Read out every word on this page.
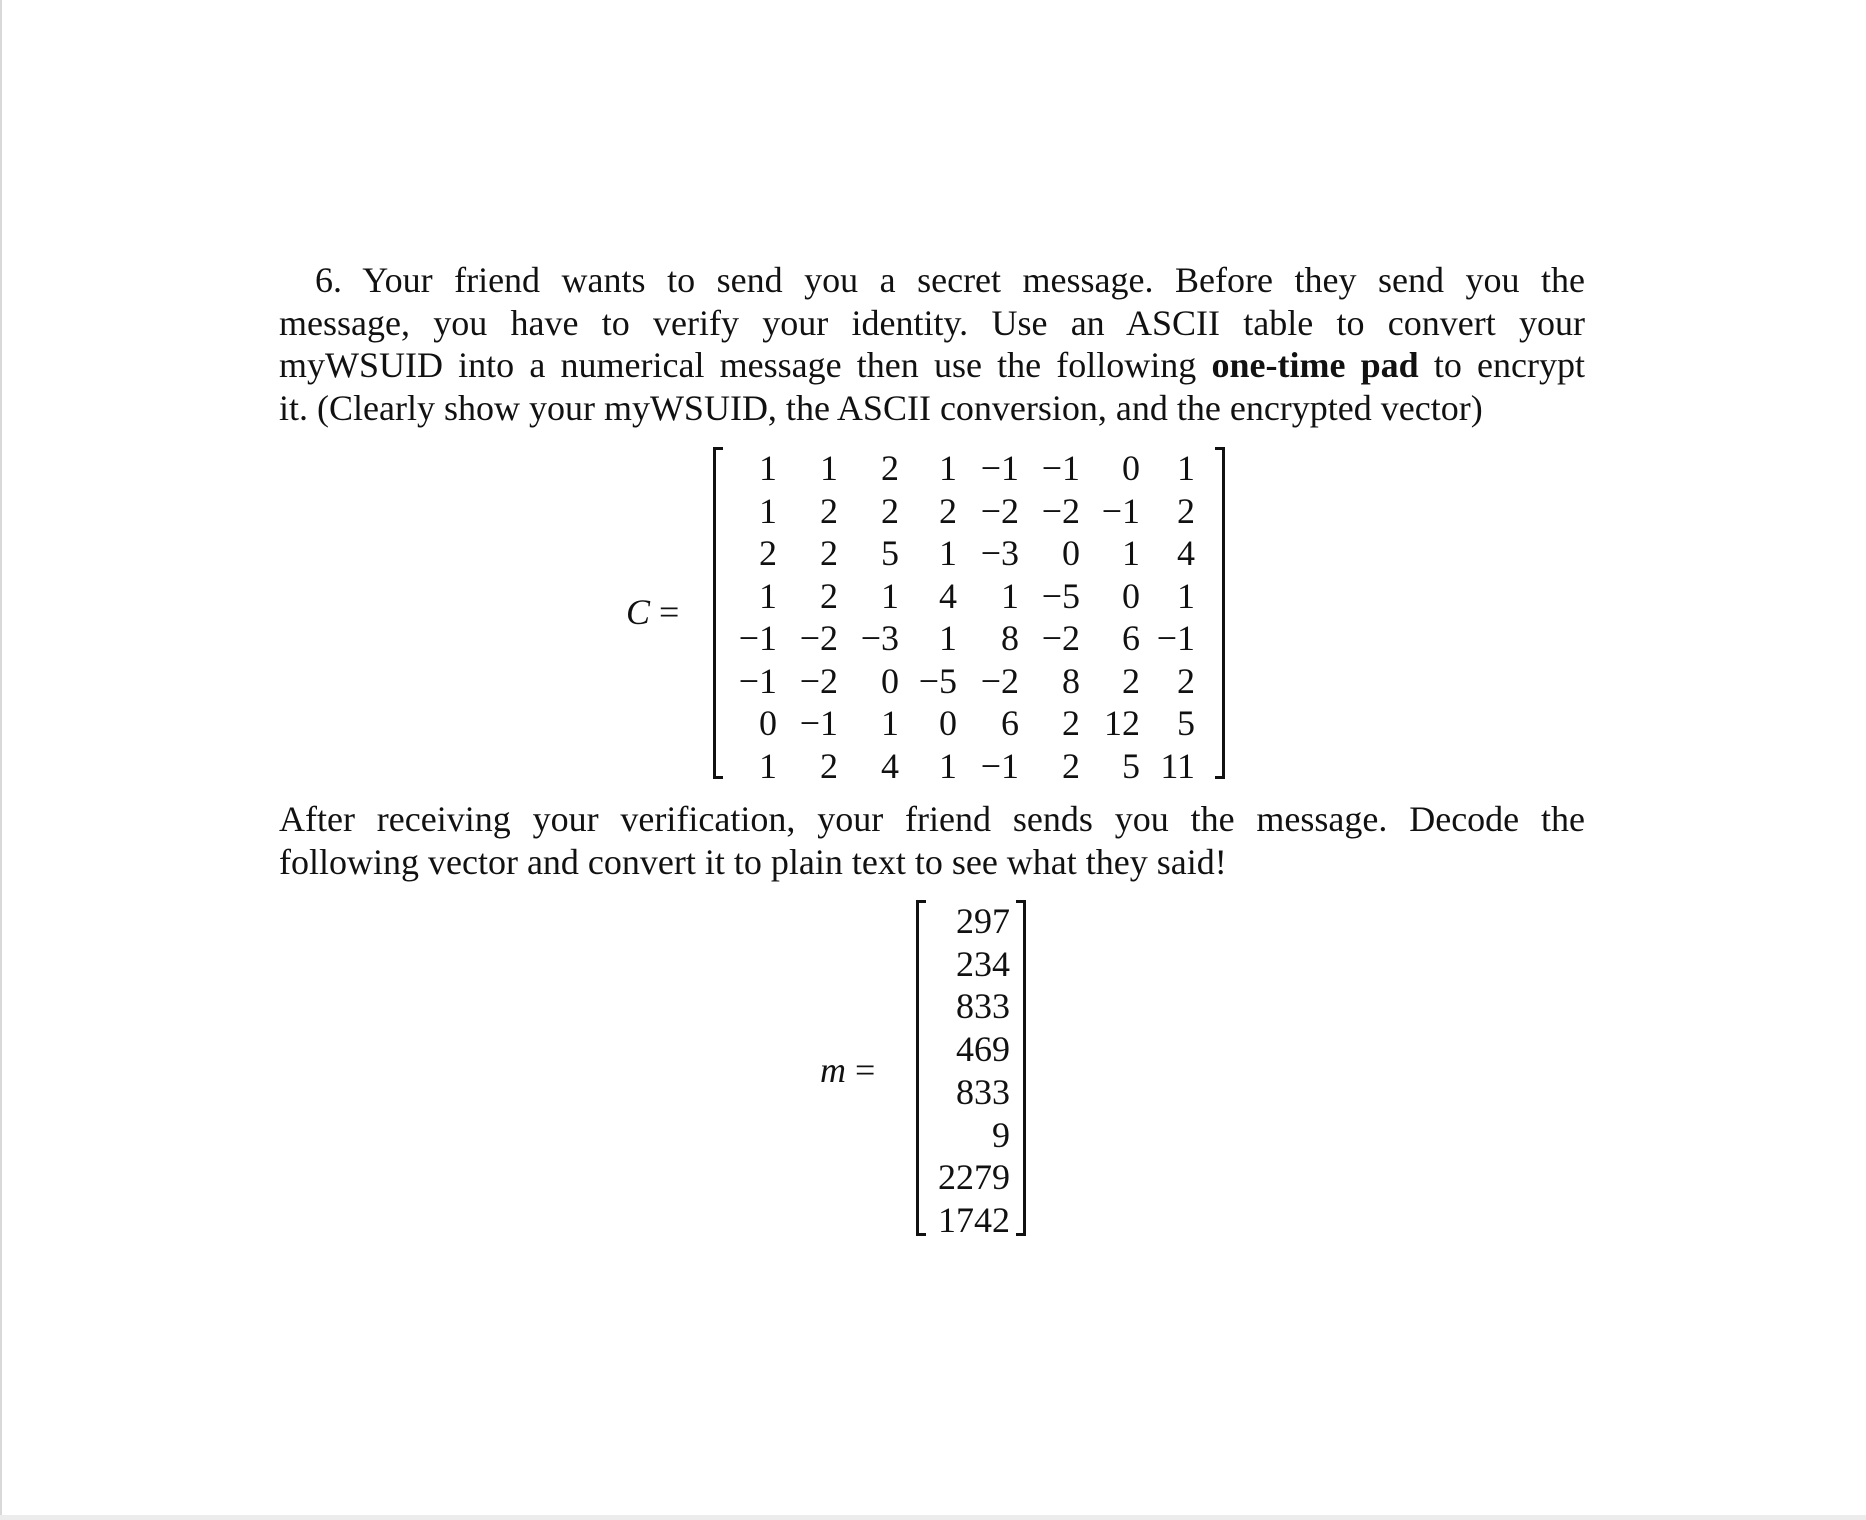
6. Your friend wants to send you a secret message. Before they send you the
message, you have to verify your identity. Use an ASCII table to convert your
myWSUID into a numerical message then use the following one-time pad to encrypt
it. (Clearly show your myWSUID, the ASCII conversion, and the encrypted vector)
C =
1	1	2	1 −1 −1	0	1
1	2	2	2 −2 −2 −1	2
2	2	5	1 −3	0	1	4
1	2	1	4	1 −5	0	1
−1 −2 −3	1	8 −2	6 −1
−1 −2	0 −5 −2	8	2	2
0 −1	1	0	6	2 12	5
1	2	4	1 −1	2	5 11
After receiving your verification, your friend sends you the message. Decode the
following vector and convert it to plain text to see what they said!
m =
297
234
833
469
833
9
2279
1742
